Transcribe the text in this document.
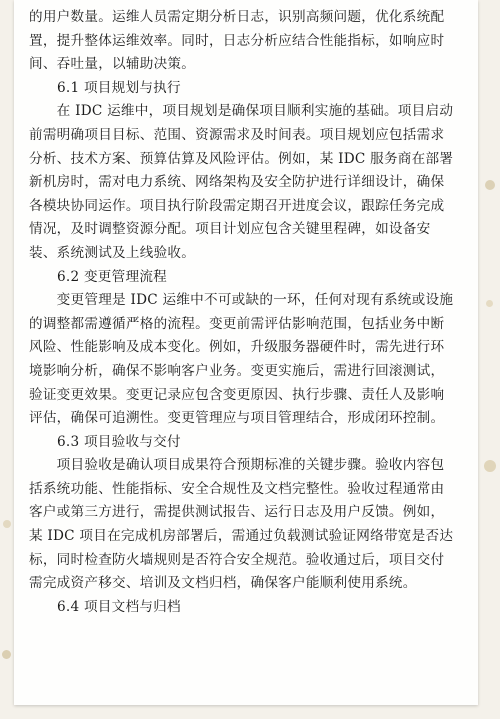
的用户数量。运维人员需定期分析日志，识别高频问题，优化系统配
置，提升整体运维效率。同时，日志分析应结合性能指标，如响应时
间、吞吐量，以辅助决策。
6.1 项目规划与执行
　　在 IDC 运维中，项目规划是确保项目顺利实施的基础。项目启动
前需明确项目目标、范围、资源需求及时间表。项目规划应包括需求
分析、技术方案、预算估算及风险评估。例如，某 IDC 服务商在部署
新机房时，需对电力系统、网络架构及安全防护进行详细设计，确保
各模块协同运作。项目执行阶段需定期召开进度会议，跟踪任务完成
情况，及时调整资源分配。项目计划应包含关键里程碑，如设备安
装、系统测试及上线验收。
6.2 变更管理流程
　　变更管理是 IDC 运维中不可或缺的一环，任何对现有系统或设施
的调整都需遵循严格的流程。变更前需评估影响范围，包括业务中断
风险、性能影响及成本变化。例如，升级服务器硬件时，需先进行环
境影响分析，确保不影响客户业务。变更实施后，需进行回滚测试，
验证变更效果。变更记录应包含变更原因、执行步骤、责任人及影响
评估，确保可追溯性。变更管理应与项目管理结合，形成闭环控制。
6.3 项目验收与交付
　　项目验收是确认项目成果符合预期标准的关键步骤。验收内容包
括系统功能、性能指标、安全合规性及文档完整性。验收过程通常由
客户或第三方进行，需提供测试报告、运行日志及用户反馈。例如，
某 IDC 项目在完成机房部署后，需通过负载测试验证网络带宽是否达
标，同时检查防火墙规则是否符合安全规范。验收通过后，项目交付
需完成资产移交、培训及文档归档，确保客户能顺利使用系统。
6.4 项目文档与归档
